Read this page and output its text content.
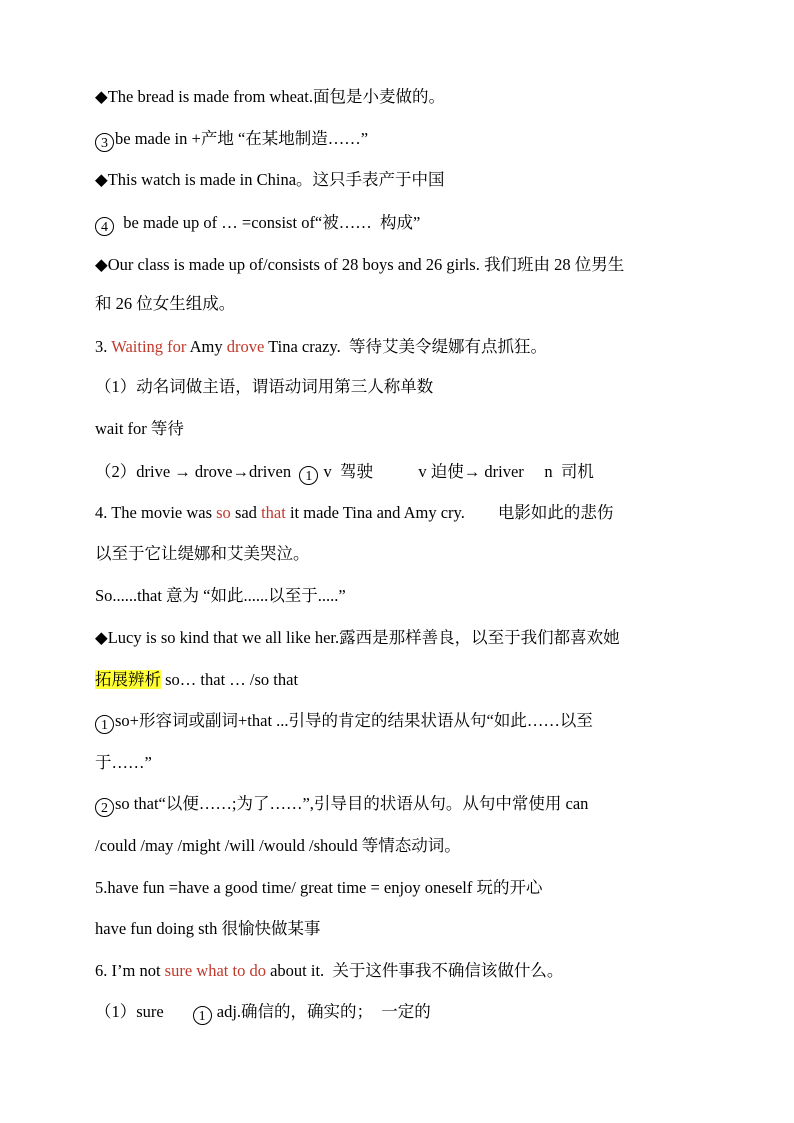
◆The bread is made from wheat.面包是小麦做的。
3 be made in +产地 “在某地制造……”
◆This watch is made in China。这只手表产于中国
4  be made up of … =consist of“被……  构成”
◆Our class is made up of/consists of 28 boys and 26 girls. 我们班由 28 位男生
和 26 位女生组成。
3. Waiting for Amy drove Tina crazy.  等待艾美令缇娜有点抓狂。
（1）动名词做主语，谓语动词用第三人称单数
wait for 等待
（2）drive → drove→driven  1 v  驾驶           v 迫使→ driver     n  司机
4. The movie was so sad that it made Tina and Amy cry.        电影如此的悲伤
以至于它让缇娜和艾美哭泣。
So......that 意为 “如此......以至于.....”
◆Lucy is so kind that we all like her.露西是那样善良，以至于我们都喜欢她
拓展辨析 so… that … /so that
1 so+形容词或副词+that ...引导的肯定的结果状语从句“如此……以至
于……”
2 so that“以便……;为了……”,引导目的状语从句。从句中常使用 can
/could /may /might /will /would /should 等情态动词。
5.have fun =have a good time/ great time = enjoy oneself 玩的开心
have fun doing sth 很愉快做某事
6. I’m not sure what to do about it.  关于这件事我不确信该做什么。
（1）sure       1 adj.确信的，确实的；  一定的
